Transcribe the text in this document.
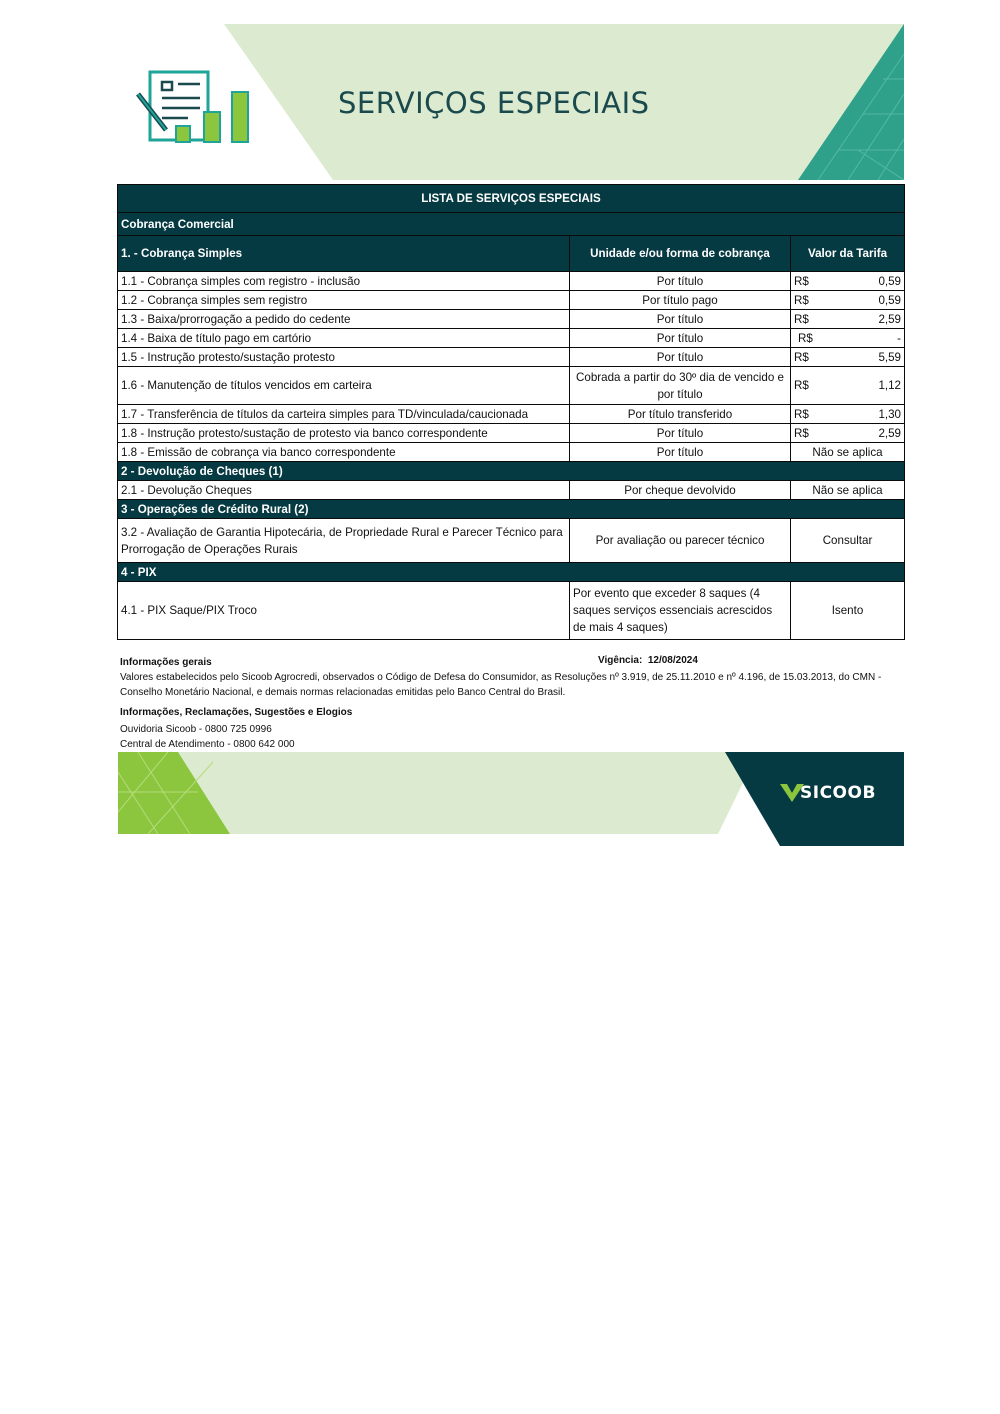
SERVIÇOS ESPECIAIS
LISTA DE SERVIÇOS ESPECIAIS		
Cobrança Comercial		
1. - Cobrança Simples	Unidade e/ou forma de cobrança	Valor da Tarifa
1.1 - Cobrança simples com registro - inclusão	Por título	R$ 0,59

1.2 - Cobrança simples sem registro	Por título pago	R$ 0,59

1.3 - Baixa/prorrogação a pedido do cedente	Por título	R$ 2,59

1.4 - Baixa de título pago em cartório	Por título	R$ -

1.5 - Instrução protesto/sustação protesto	Por título	R$ 5,59

1.6 - Manutenção de títulos vencidos em carteira	Cobrada a partir do 30º dia de vencido e por título	R$ 1,12

1.7 - Transferência de títulos da carteira simples para TD/vinculada/caucionada	Por título transferido	R$ 1,30

1.8 - Instrução protesto/sustação de protesto via banco correspondente	Por título	R$ 2,59

1.8 - Emissão de cobrança via banco correspondente	Por título	Não se aplica
2 - Devolução de Cheques (1)		
2.1 - Devolução Cheques	Por cheque devolvido	Não se aplica
3 - Operações de Crédito Rural (2)		
3.2 - Avaliação de Garantia Hipotecária, de Propriedade Rural e Parecer Técnico para Prorrogação de Operações Rurais	Por avaliação ou parecer técnico	Consultar
4 - PIX		
4.1 - PIX Saque/PIX Troco	Por evento que exceder 8 saques (4 saques serviços essenciais acrescidos de mais 4 saques)	Isento
Informações gerais	Vigência: 12/08/2024
Valores estabelecidos pelo Sicoob Agrocredi, observados o Código de Defesa do Consumidor, as Resoluções nº 3.919, de 25.11.2010 e nº 4.196, de 15.03.2013, do CMN - Conselho Monetário Nacional, e demais normas relacionadas emitidas pelo Banco Central do Brasil.
Informações, Reclamações, Sugestões e Elogios
Ouvidoria Sicoob - 0800 725 0996
Central de Atendimento - 0800 642 000
SICOOB
